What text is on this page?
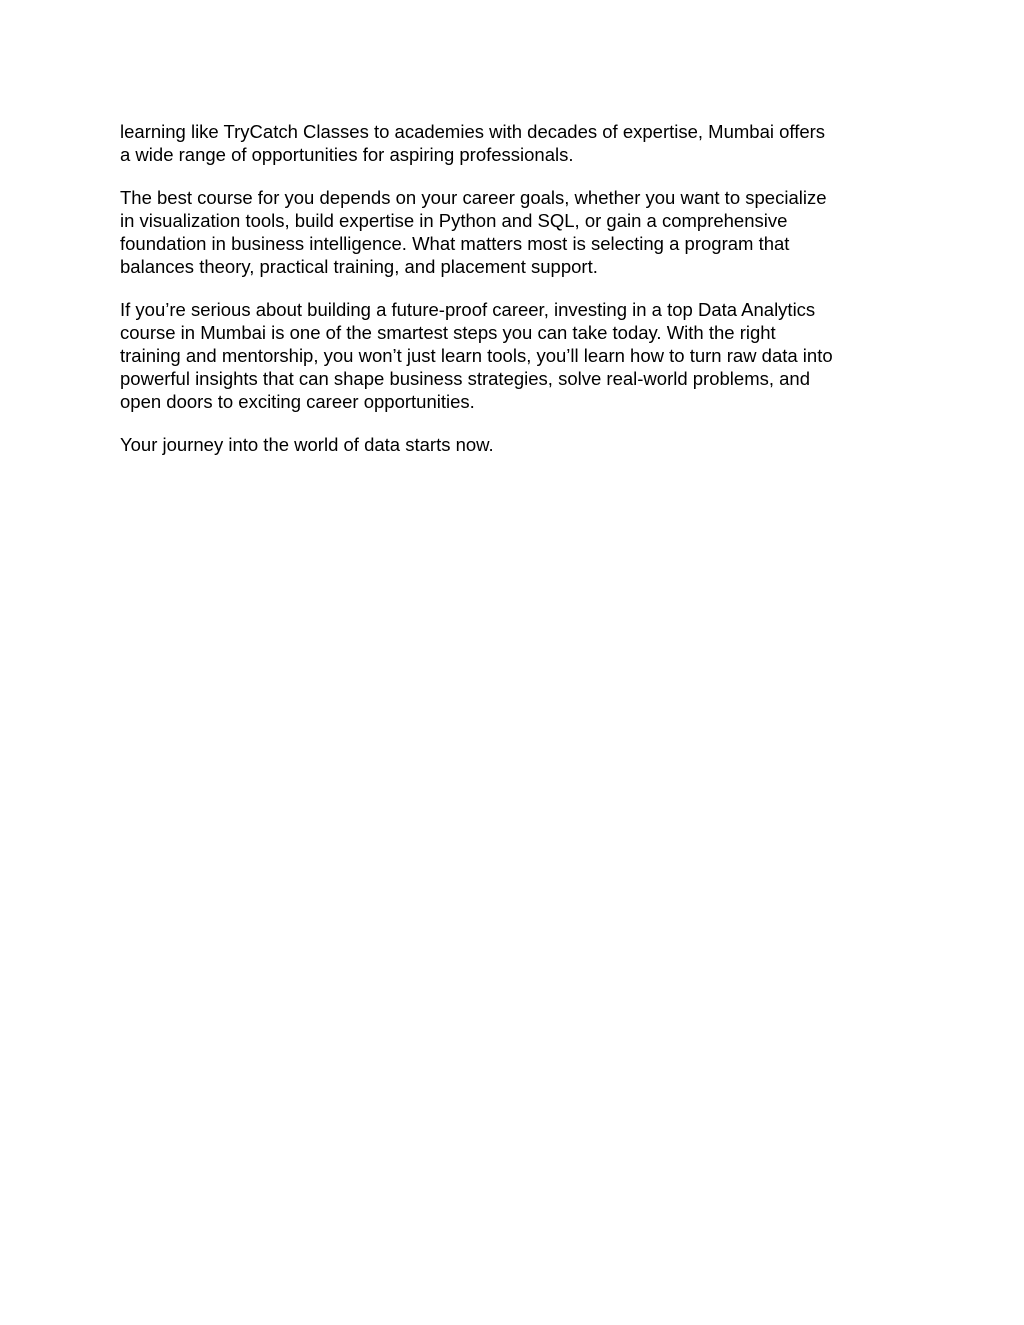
learning like TryCatch Classes to academies with decades of expertise, Mumbai offers
a wide range of opportunities for aspiring professionals.

The best course for you depends on your career goals, whether you want to specialize
in visualization tools, build expertise in Python and SQL, or gain a comprehensive
foundation in business intelligence. What matters most is selecting a program that
balances theory, practical training, and placement support.

If you’re serious about building a future-proof career, investing in a top Data Analytics
course in Mumbai is one of the smartest steps you can take today. With the right
training and mentorship, you won’t just learn tools, you’ll learn how to turn raw data into
powerful insights that can shape business strategies, solve real-world problems, and
open doors to exciting career opportunities.

Your journey into the world of data starts now.
